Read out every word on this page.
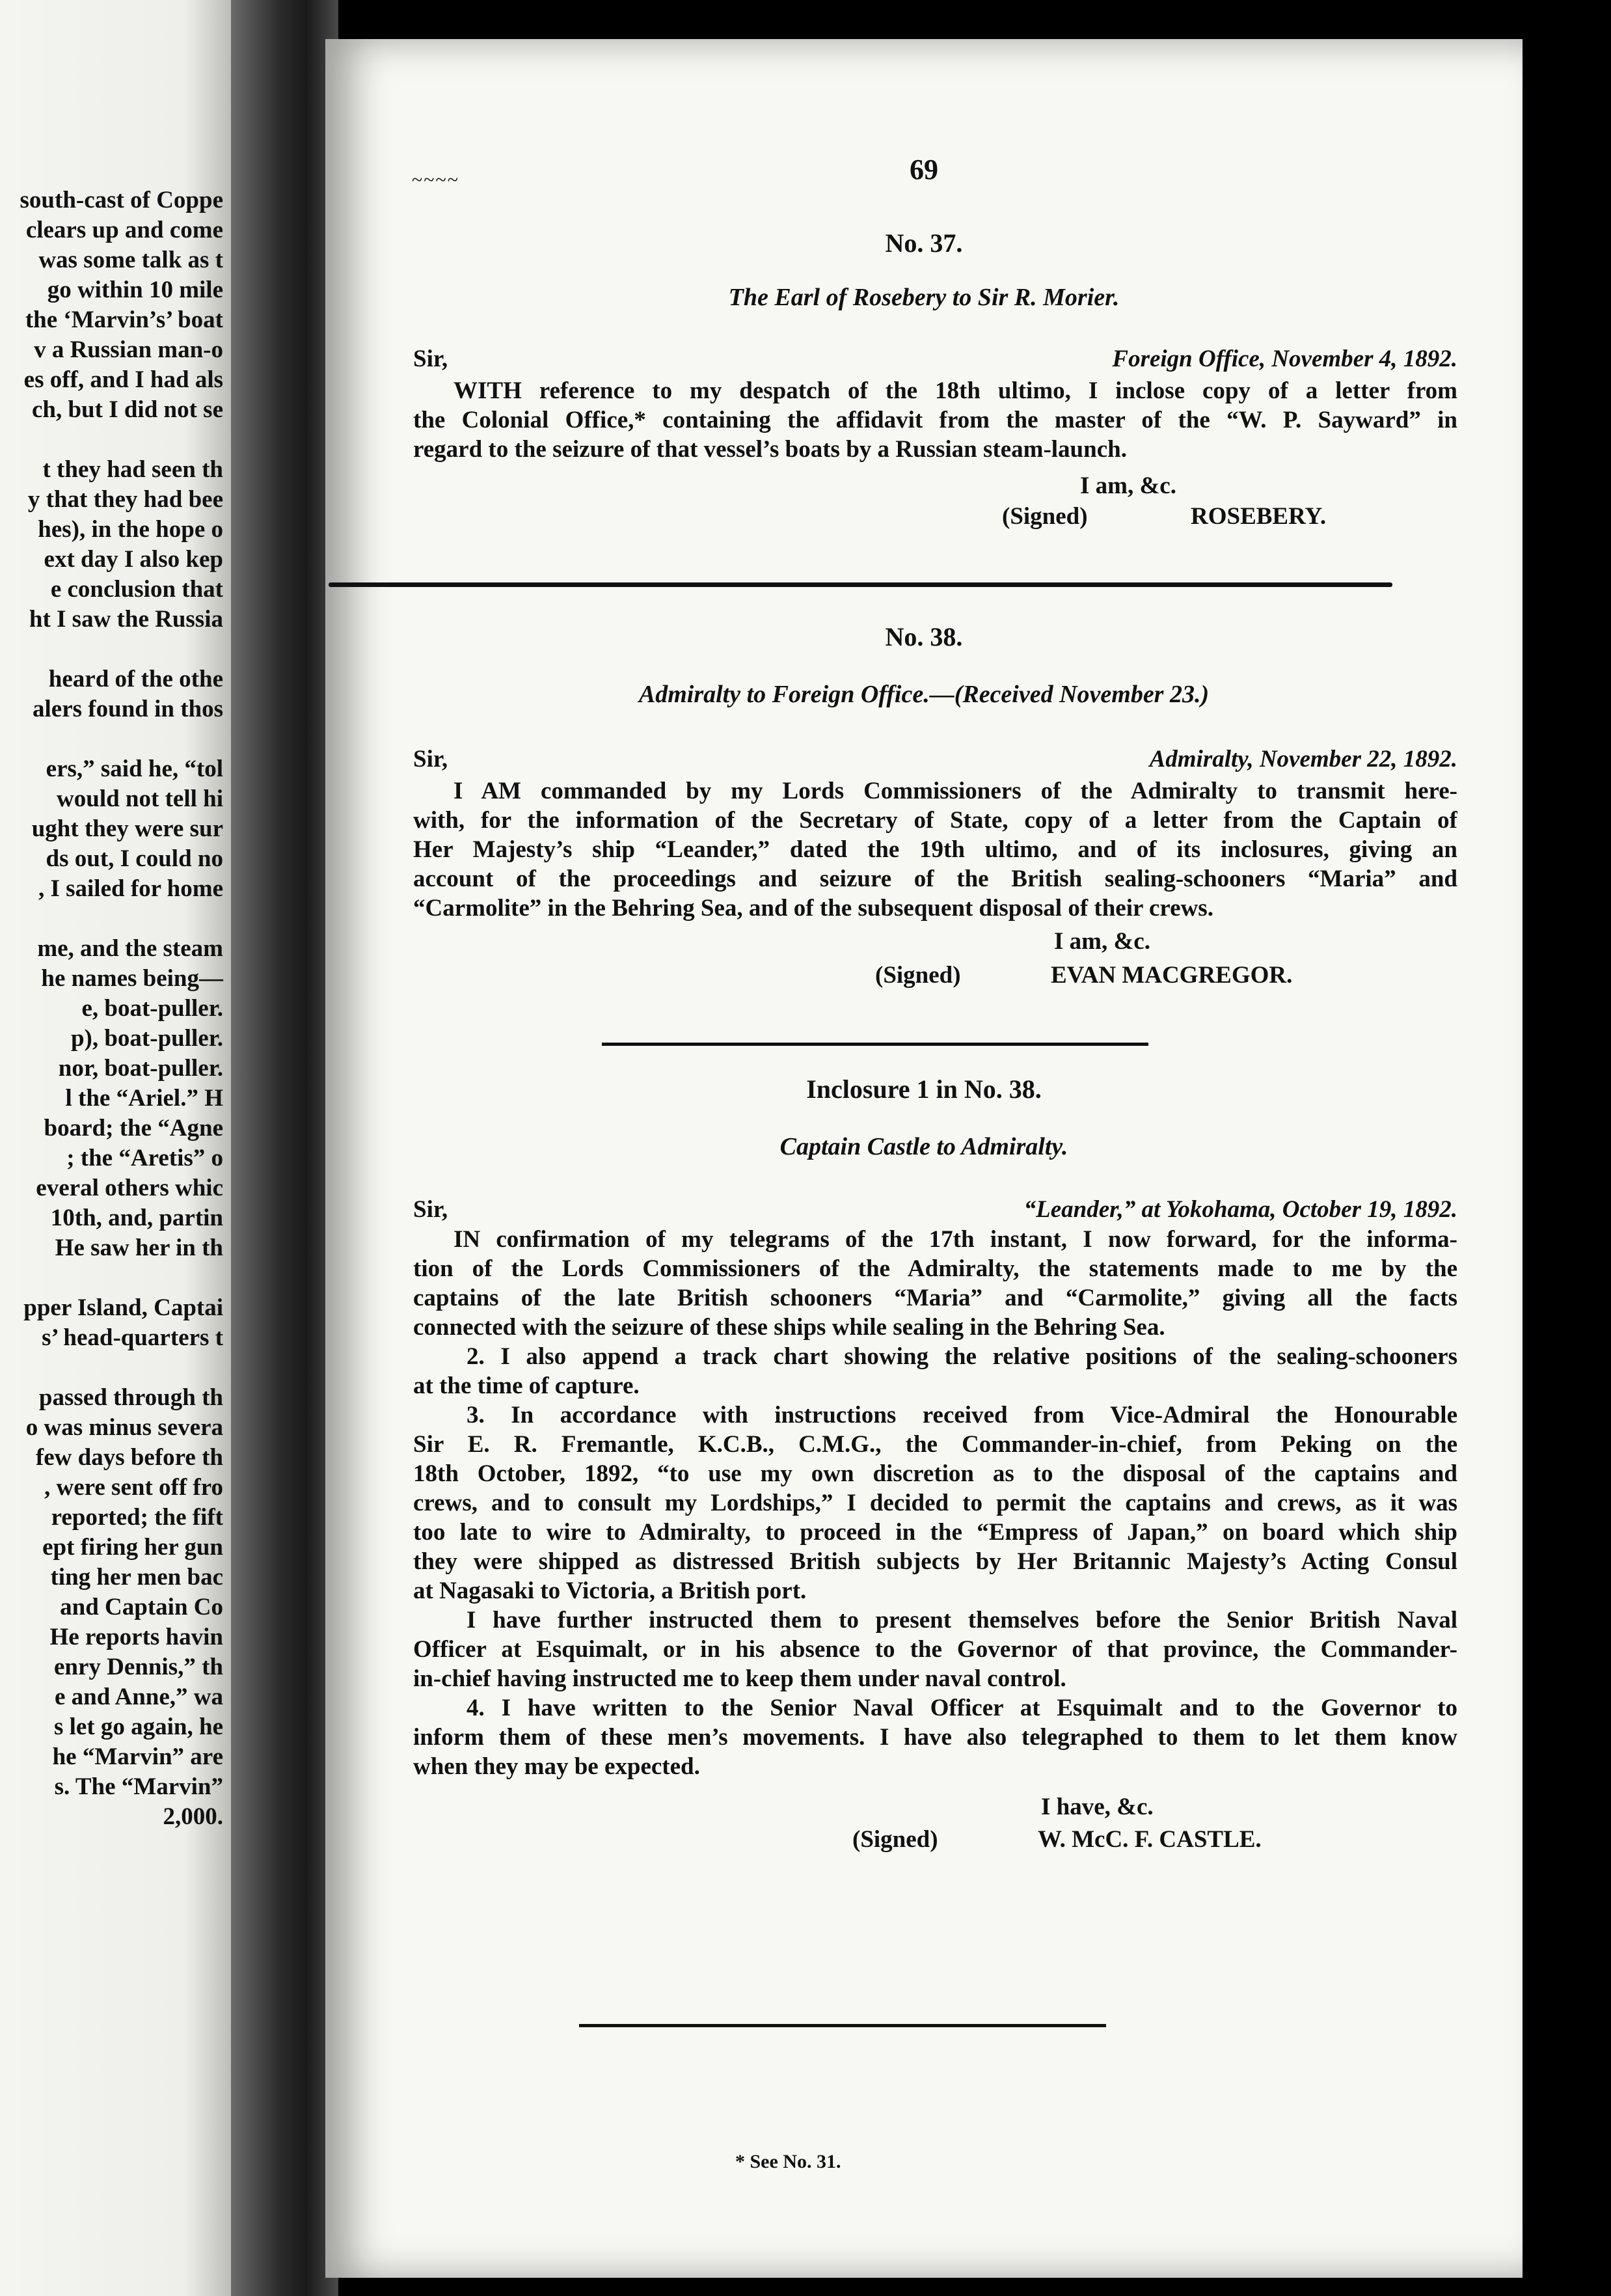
south-cast of Coppe
clears up and come
was some talk as t
go within 10 mile
the ‘Marvin’s’ boat
v a Russian man-o
es off, and I had als
ch, but I did not se
t they had seen th
y that they had bee
hes), in the hope o
ext day I also kep
e conclusion that
ht I saw the Russia
heard of the othe
alers found in thos
ers,” said he, “tol
would not tell hi
ught they were sur
ds out, I could no
, I sailed for home
me, and the steam
he names being—
e, boat-puller.
p), boat-puller.
nor, boat-puller.
l the “Ariel.” H
board; the “Agne
; the “Aretis” o
everal others whic
10th, and, partin
He saw her in th
pper Island, Captai
s’ head-quarters t
passed through th
o was minus severa
few days before th
, were sent off fro
reported; the fift
ept firing her gun
ting her men bac
and Captain Co
He reports havin
enry Dennis,” th
e and Anne,” wa
s let go again, he
he “Marvin” are
s. The “Marvin”
2,000.
~~~~	69
No. 37.
The Earl of Rosebery to Sir R. Morier.
Sir,	Foreign Office, November 4, 1892.
WITH reference to my despatch of the 18th ultimo, I inclose copy of a letter from
the Colonial Office,* containing the affidavit from the master of the “W. P. Sayward” in
regard to the seizure of that vessel’s boats by a Russian steam-launch.
I am, &c.
(Signed)	ROSEBERY.
No. 38.
Admiralty to Foreign Office.—(Received November 23.)
Sir,	Admiralty, November 22, 1892.
I AM commanded by my Lords Commissioners of the Admiralty to transmit here-
with, for the information of the Secretary of State, copy of a letter from the Captain of
Her Majesty’s ship “Leander,” dated the 19th ultimo, and of its inclosures, giving an
account of the proceedings and seizure of the British sealing-schooners “Maria” and
“Carmolite” in the Behring Sea, and of the subsequent disposal of their crews.
I am, &c.
(Signed)	EVAN MACGREGOR.
Inclosure 1 in No. 38.
Captain Castle to Admiralty.
Sir,	“Leander,” at Yokohama, October 19, 1892.
IN confirmation of my telegrams of the 17th instant, I now forward, for the informa-
tion of the Lords Commissioners of the Admiralty, the statements made to me by the
captains of the late British schooners “Maria” and “Carmolite,” giving all the facts
connected with the seizure of these ships while sealing in the Behring Sea.
2. I also append a track chart showing the relative positions of the sealing-schooners
at the time of capture.
3. In accordance with instructions received from Vice-Admiral the Honourable
Sir E. R. Fremantle, K.C.B., C.M.G., the Commander-in-chief, from Peking on the
18th October, 1892, “to use my own discretion as to the disposal of the captains and
crews, and to consult my Lordships,” I decided to permit the captains and crews, as it was
too late to wire to Admiralty, to proceed in the “Empress of Japan,” on board which ship
they were shipped as distressed British subjects by Her Britannic Majesty’s Acting Consul
at Nagasaki to Victoria, a British port.
I have further instructed them to present themselves before the Senior British Naval
Officer at Esquimalt, or in his absence to the Governor of that province, the Commander-
in-chief having instructed me to keep them under naval control.
4. I have written to the Senior Naval Officer at Esquimalt and to the Governor to
inform them of these men’s movements. I have also telegraphed to them to let them know
when they may be expected.
I have, &c.
(Signed)	W. McC. F. CASTLE.
* See No. 31.
